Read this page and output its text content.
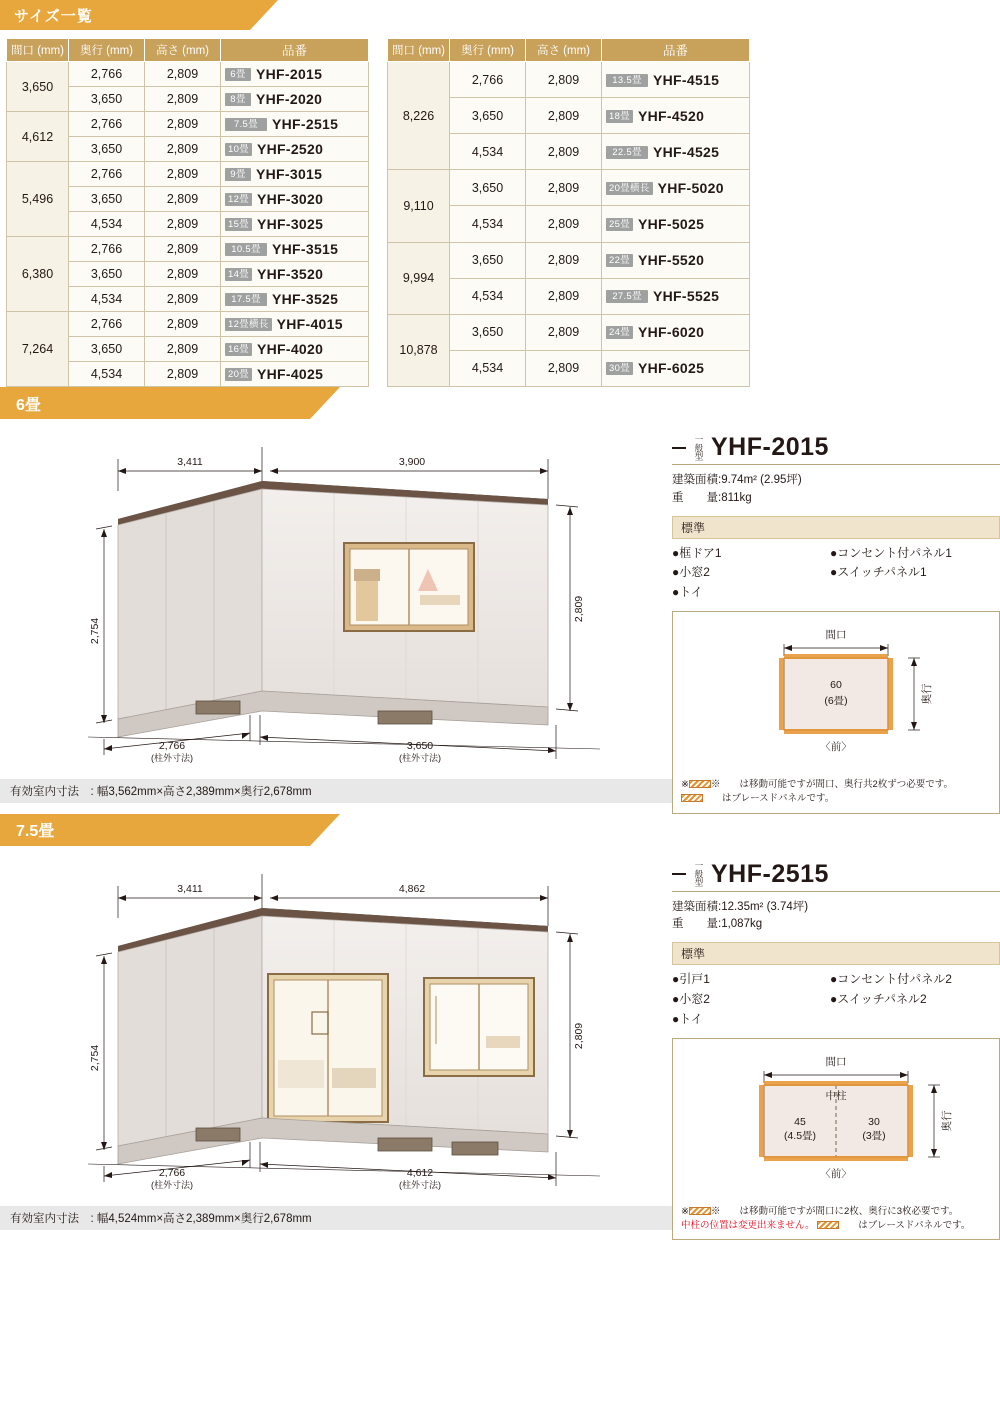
サイズ一覧
間口 (mm)	奥行 (mm)	高さ (mm)	品番
3,650	2,766	2,809	6畳 YHF-2015
	3,650	2,809	8畳 YHF-2020
4,612	2,766	2,809	7.5畳 YHF-2515
	3,650	2,809	10畳 YHF-2520
5,496	2,766	2,809	9畳 YHF-3015
	3,650	2,809	12畳 YHF-3020
	4,534	2,809	15畳 YHF-3025
6,380	2,766	2,809	10.5畳 YHF-3515
	3,650	2,809	14畳 YHF-3520
	4,534	2,809	17.5畳 YHF-3525
7,264	2,766	2,809	12畳横長 YHF-4015
	3,650	2,809	16畳 YHF-4020
	4,534	2,809	20畳 YHF-4025
間口 (mm)	奥行 (mm)	高さ (mm)	品番
8,226	2,766	2,809	13.5畳 YHF-4515
	3,650	2,809	18畳 YHF-4520
	4,534	2,809	22.5畳 YHF-4525
9,110	3,650	2,809	20畳横長 YHF-5020
	4,534	2,809	25畳 YHF-5025
9,994	3,650	2,809	22畳 YHF-5520
	4,534	2,809	27.5畳 YHF-5525
10,878	3,650	2,809	24畳 YHF-6020
	4,534	2,809	30畳 YHF-6025
6畳
3,411	3,900
2,754
2,809
2,766
(柱外寸法)
3,650
(柱外寸法)
有効室内寸法　: 幅3,562mm×高さ2,389mm×奥行2,678mm
一般型 YHF-2015
建築面積:9.74m² (2.95坪)
重　　量:811kg
標準
●框ドア1
●小窓2
●トイ
●コンセント付パネル1
●スイッチパネル1
間口
60
(6畳)	奥行
〈前〉
※ ※　　は移動可能ですが間口、奥行共2枚ずつ必要です。
　　はブレースドパネルです。
7.5畳
3,411	4,862
2,754
2,809
2,766
(柱外寸法)
4,612
(柱外寸法)
有効室内寸法　: 幅4,524mm×高さ2,389mm×奥行2,678mm
一般型 YHF-2515
建築面積:12.35m² (3.74坪)
重　　量:1,087kg
標準
●引戸1
●小窓2
●トイ
●コンセント付パネル2
●スイッチパネル2
間口
中柱
45
(4.5畳)
30
(3畳)
奥行
〈前〉
※ ※　　は移動可能ですが間口に2枚、奥行に3枚必要です。
中柱の位置は変更出来ません。	　　はブレースドパネルです。
